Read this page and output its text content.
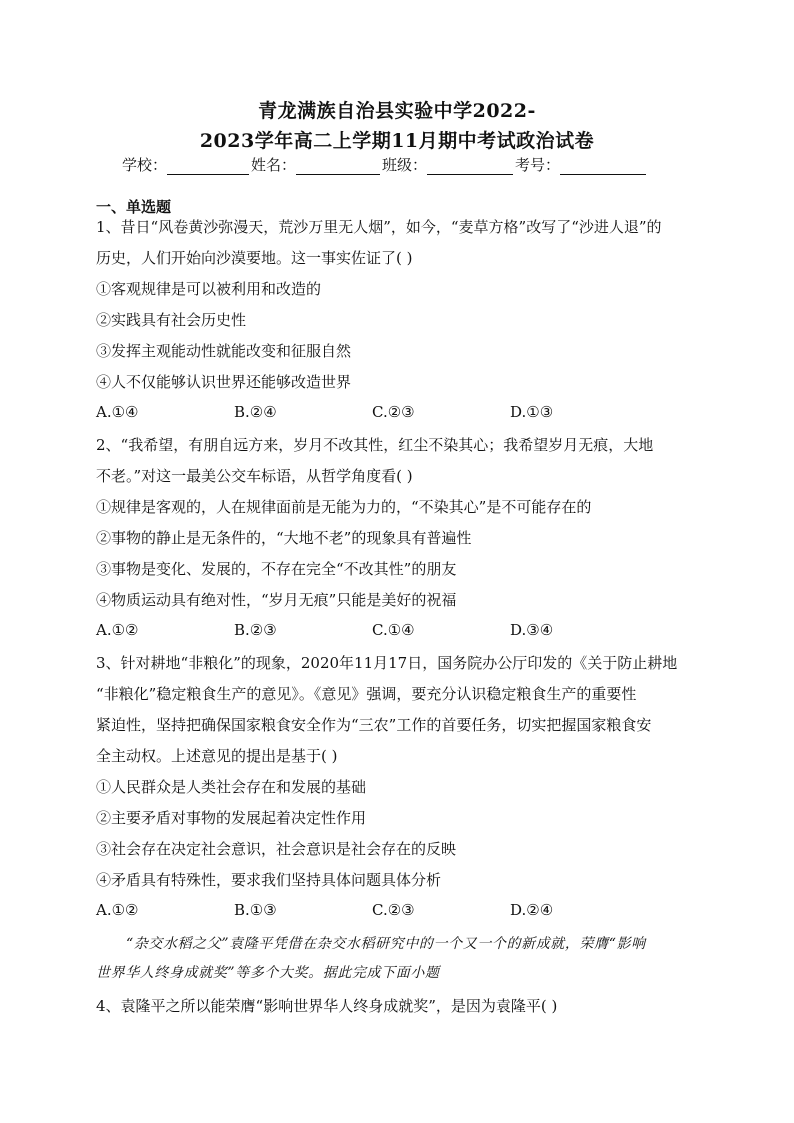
青龙满族自治县实验中学2022-
2023学年高二上学期11月期中考试政治试卷
学校：	姓名：	班级：	考号：
一、单选题
1、昔日“风卷黄沙弥漫天，荒沙万里无人烟”，如今，“麦草方格”改写了“沙进人退”的
历史，人们开始向沙漠要地。这一事实佐证了( )
①客观规律是可以被利用和改造的
②实践具有社会历史性
③发挥主观能动性就能改变和征服自然
④人不仅能够认识世界还能够改造世界
A.①④	B.②④	C.②③	D.①③
2、“我希望，有朋自远方来，岁月不改其性，红尘不染其心；我希望岁月无痕，大地
不老。”对这一最美公交车标语，从哲学角度看( )
①规律是客观的，人在规律面前是无能为力的，“不染其心”是不可能存在的
②事物的静止是无条件的，“大地不老”的现象具有普遍性
③事物是变化、发展的，不存在完全“不改其性”的朋友
④物质运动具有绝对性，“岁月无痕”只能是美好的祝福
A.①②	B.②③	C.①④	D.③④
3、针对耕地“非粮化”的现象，2020年11月17日，国务院办公厅印发的《关于防止耕地
“非粮化”稳定粮食生产的意见》。《意见》强调，要充分认识稳定粮食生产的重要性
紧迫性，坚持把确保国家粮食安全作为“三农”工作的首要任务，切实把握国家粮食安
全主动权。上述意见的提出是基于( )
①人民群众是人类社会存在和发展的基础
②主要矛盾对事物的发展起着决定性作用
③社会存在决定社会意识，社会意识是社会存在的反映
④矛盾具有特殊性，要求我们坚持具体问题具体分析
A.①②	B.①③	C.②③	D.②④
“杂交水稻之父”袁隆平凭借在杂交水稻研究中的一个又一个的新成就，荣膺“影响
世界华人终身成就奖”等多个大奖。据此完成下面小题
4、袁隆平之所以能荣膺“影响世界华人终身成就奖”，是因为袁隆平( )
